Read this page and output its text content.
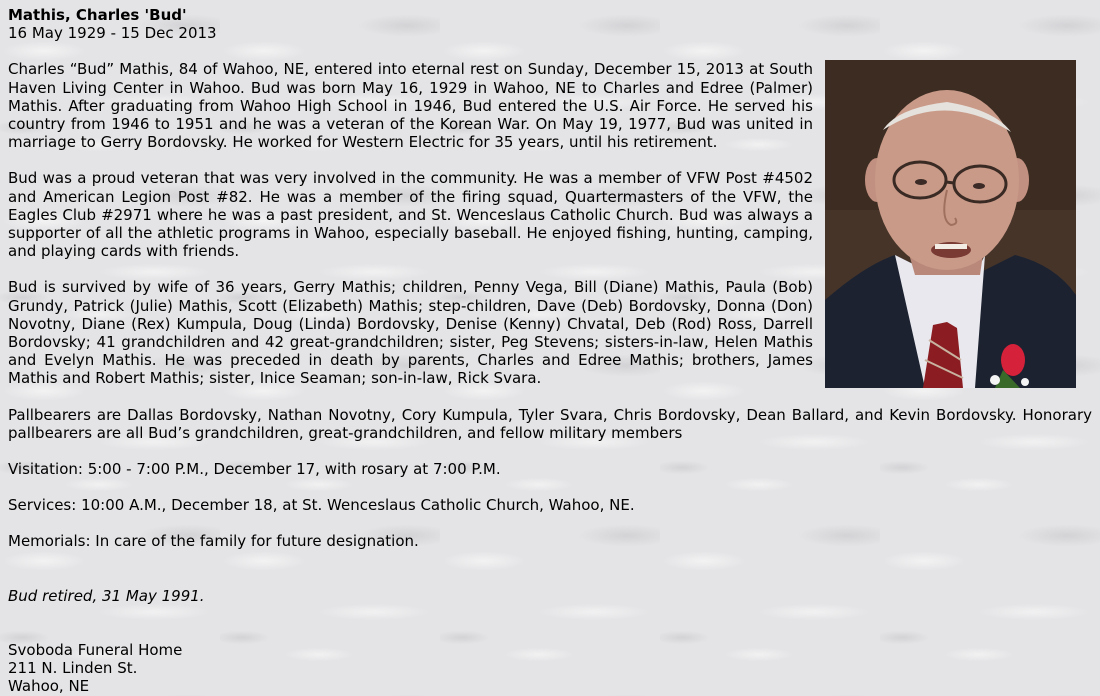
Mathis, Charles 'Bud'

16 May 1929 - 15 Dec 2013

Charles “Bud” Mathis, 84 of Wahoo, NE, entered into eternal rest on Sunday, December 15, 2013 at South Haven Living Center in Wahoo. Bud was born May 16, 1929 in Wahoo, NE to Charles and Edree (Palmer) Mathis. After graduating from Wahoo High School in 1946, Bud entered the U.S. Air Force. He served his country from 1946 to 1951 and he was a veteran of the Korean War. On May 19, 1977, Bud was united in marriage to Gerry Bordovsky. He worked for Western Electric for 35 years, until his retirement.

Bud was a proud veteran that was very involved in the community. He was a member of VFW Post #4502 and American Legion Post #82. He was a member of the firing squad, Quartermasters of the VFW, the Eagles Club #2971 where he was a past president, and St. Wenceslaus Catholic Church. Bud was always a supporter of all the athletic programs in Wahoo, especially baseball. He enjoyed fishing, hunting, camping, and playing cards with friends.

Bud is survived by wife of 36 years, Gerry Mathis; children, Penny Vega, Bill (Diane) Mathis, Paula (Bob) Grundy, Patrick (Julie) Mathis, Scott (Elizabeth) Mathis; step-children, Dave (Deb) Bordovsky, Donna (Don) Novotny, Diane (Rex) Kumpula, Doug (Linda) Bordovsky, Denise (Kenny) Chvatal, Deb (Rod) Ross, Darrell Bordovsky; 41 grandchildren and 42 great-grandchildren; sister, Peg Stevens; sisters-in-law, Helen Mathis and Evelyn Mathis. He was preceded in death by parents, Charles and Edree Mathis; brothers, James Mathis and Robert Mathis; sister, Inice Seaman; son-in-law, Rick Svara.

Pallbearers are Dallas Bordovsky, Nathan Novotny, Cory Kumpula, Tyler Svara, Chris Bordovsky, Dean Ballard, and Kevin Bordovsky. Honorary pallbearers are all Bud’s grandchildren, great-grandchildren, and fellow military members

Visitation: 5:00 - 7:00 P.M., December 17, with rosary at 7:00 P.M.

Services: 10:00 A.M., December 18, at St. Wenceslaus Catholic Church, Wahoo, NE.

Memorials: In care of the family for future designation.

Bud retired, 31 May 1991.

Svoboda Funeral Home

211 N. Linden St.

Wahoo, NE
